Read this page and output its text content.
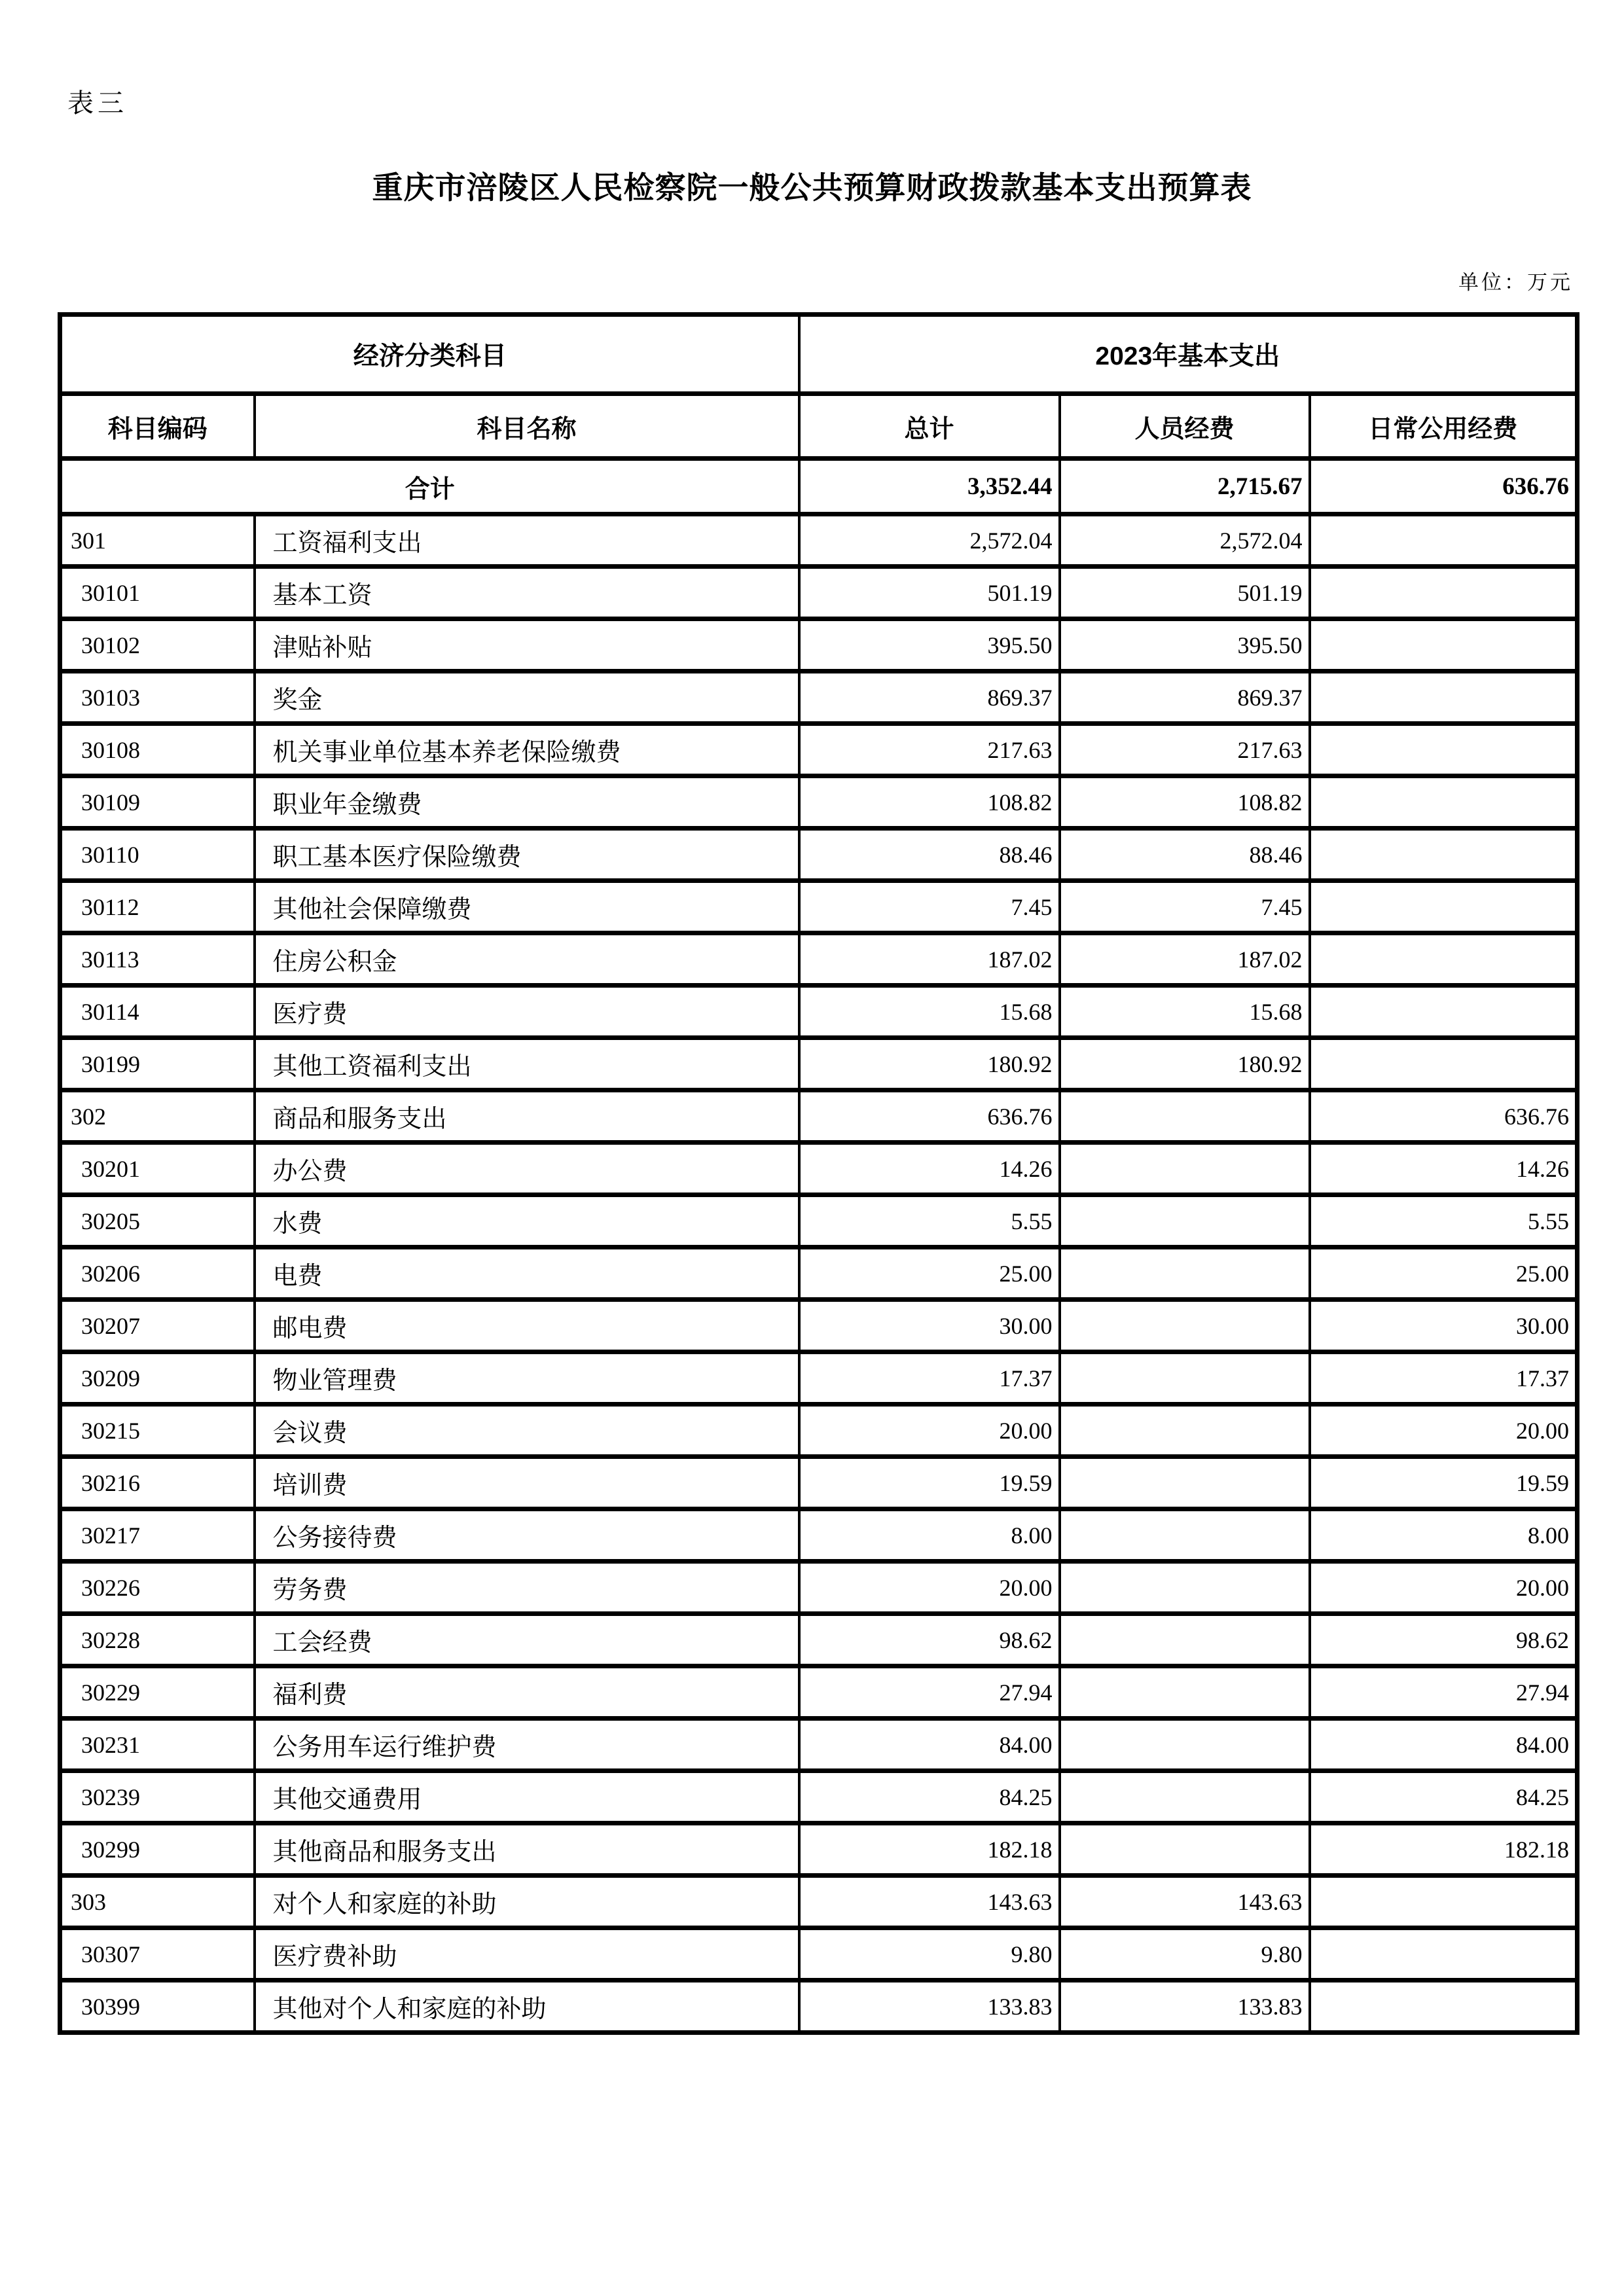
表三
重庆市涪陵区人民检察院一般公共预算财政拨款基本支出预算表
单位：万元
经济分类科目		2023年基本支出		
科目编码	科目名称	总计	人员经费	日常公用经费
合计		3,352.44	2,715.67	636.76
301	工资福利支出	2,572.04	2,572.04	
30101	基本工资	501.19	501.19	
30102	津贴补贴	395.50	395.50	
30103	奖金	869.37	869.37	
30108	机关事业单位基本养老保险缴费	217.63	217.63	
30109	职业年金缴费	108.82	108.82	
30110	职工基本医疗保险缴费	88.46	88.46	
30112	其他社会保障缴费	7.45	7.45	
30113	住房公积金	187.02	187.02	
30114	医疗费	15.68	15.68	
30199	其他工资福利支出	180.92	180.92	
302	商品和服务支出	636.76		636.76
30201	办公费	14.26		14.26
30205	水费	5.55		5.55
30206	电费	25.00		25.00
30207	邮电费	30.00		30.00
30209	物业管理费	17.37		17.37
30215	会议费	20.00		20.00
30216	培训费	19.59		19.59
30217	公务接待费	8.00		8.00
30226	劳务费	20.00		20.00
30228	工会经费	98.62		98.62
30229	福利费	27.94		27.94
30231	公务用车运行维护费	84.00		84.00
30239	其他交通费用	84.25		84.25
30299	其他商品和服务支出	182.18		182.18
303	对个人和家庭的补助	143.63	143.63	
30307	医疗费补助	9.80	9.80	
30399	其他对个人和家庭的补助	133.83	133.83	
